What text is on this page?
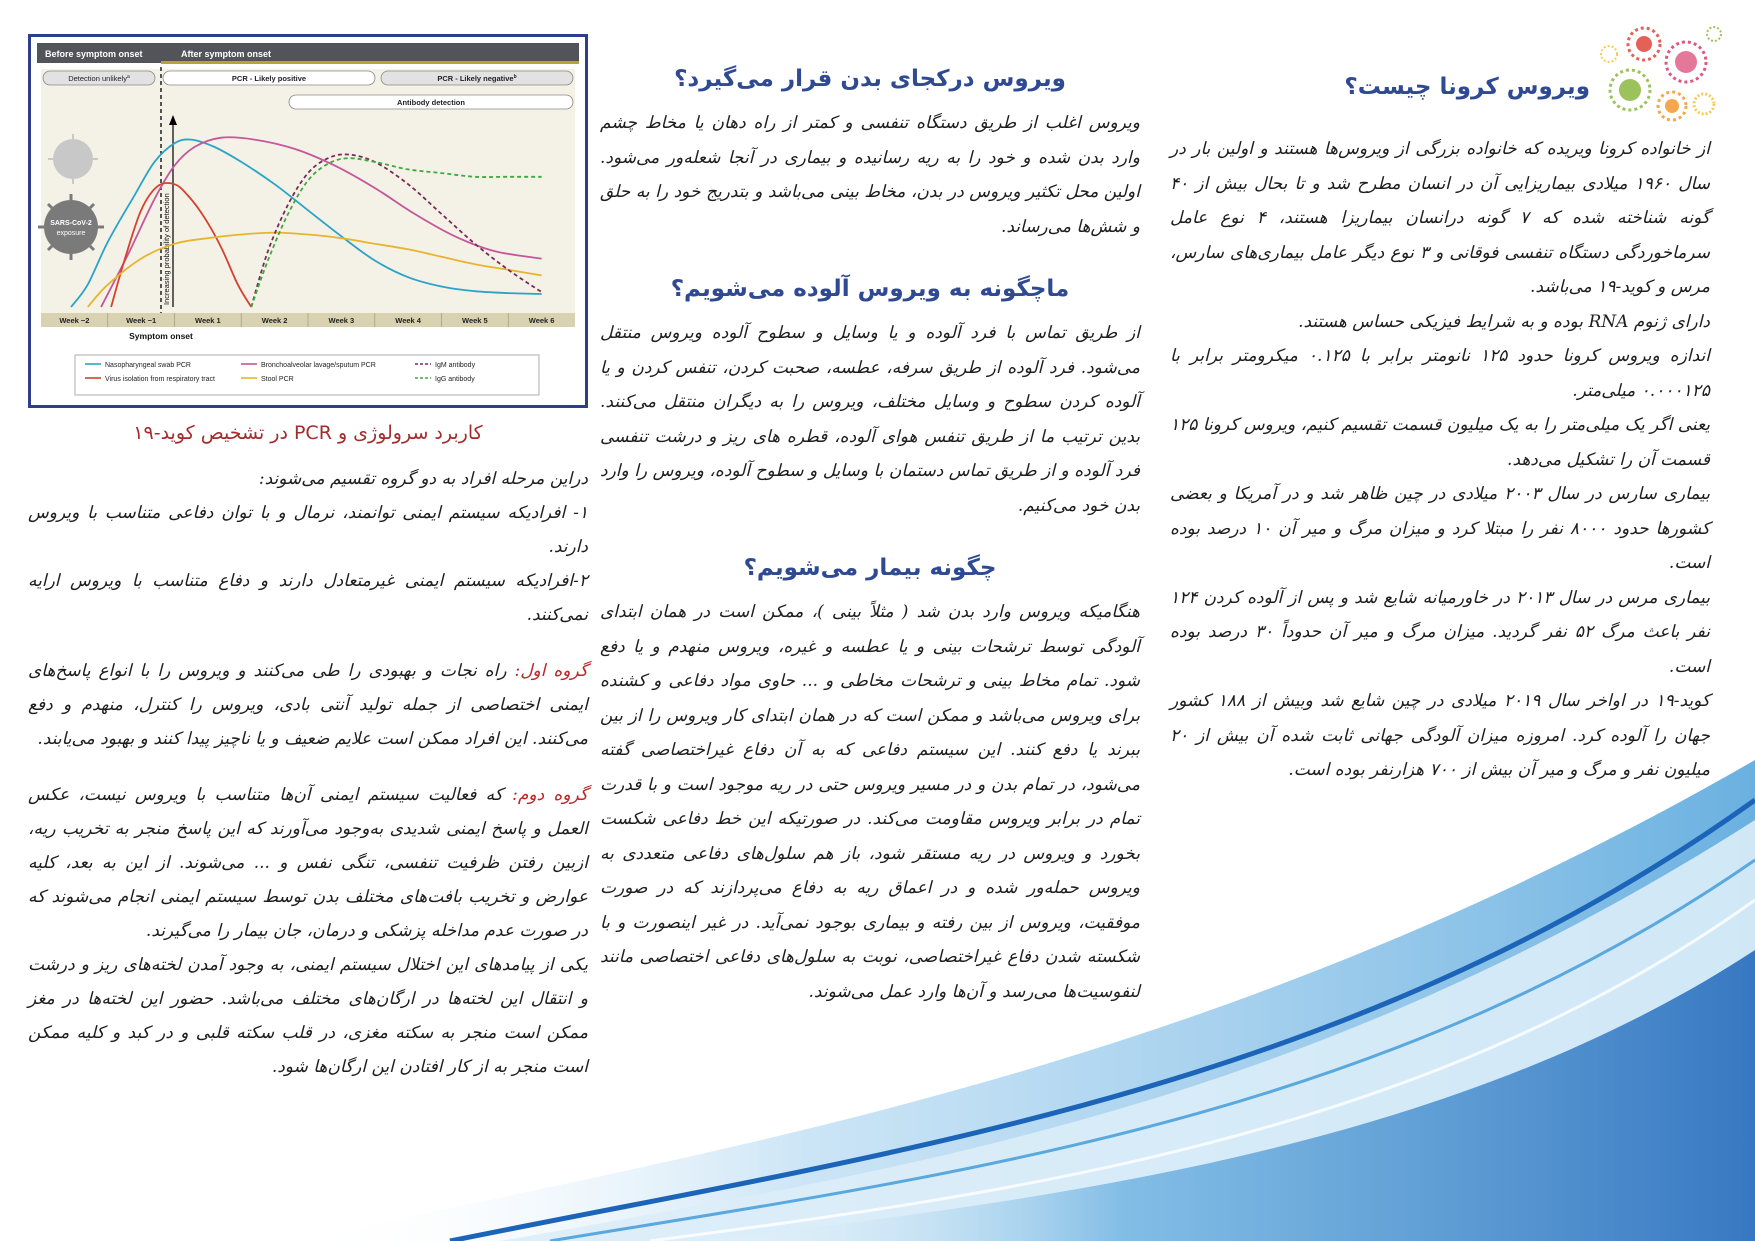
ویروس کرونا چیست؟

از خانواده کرونا ویریده که خانواده بزرگی از ویروس‌ها هستند و اولین بار در سال ۱۹۶۰ میلادی بیماریزایی آن در انسان مطرح شد و تا بحال بیش از ۴۰ گونه شناخته شده که ۷ گونه درانسان بیماریزا هستند، ۴ نوع عامل سرماخوردگی دستگاه تنفسی فوقانی و ۳ نوع دیگر عامل بیماری‌های سارس، مرس و کوید-۱۹ می‌باشد.

دارای ژنوم RNA بوده و به شرایط فیزیکی حساس هستند.

اندازه ویروس کرونا حدود ۱۲۵ نانومتر برابر با ۰.۱۲۵ میکرومتر برابر با ۰.۰۰۰۱۲۵ میلی‌متر.

یعنی اگر یک میلی‌متر را به یک میلیون قسمت تقسیم کنیم، ویروس کرونا ۱۲۵ قسمت آن را تشکیل می‌دهد.

بیماری سارس در سال ۲۰۰۳ میلادی در چین ظاهر شد و در آمریکا و بعضی کشورها حدود ۸۰۰۰ نفر را مبتلا کرد و میزان مرگ و میر آن ۱۰ درصد بوده است.

بیماری مرس در سال ۲۰۱۳ در خاورمیانه شایع شد و پس از آلوده کردن ۱۲۴ نفر باعث مرگ ۵۲ نفر گردید. میزان مرگ و میر آن حدوداً ۳۰ درصد بوده است.

کوید-۱۹ در اواخر سال ۲۰۱۹ میلادی در چین شایع شد وبیش از ۱۸۸ کشور جهان را آلوده کرد. امروزه میزان آلودگی جهانی ثابت شده آن بیش از ۲۰ میلیون نفر و مرگ و میر آن بیش از ۷۰۰ هزارنفر بوده است.

ویروس درکجای بدن قرار می‌گیرد؟

ویروس اغلب از طریق دستگاه تنفسی و کمتر از راه دهان یا مخاط چشم وارد بدن شده و خود را به ریه رسانیده و بیماری در آنجا شعله‌ور می‌شود. اولین محل تکثیر ویروس در بدن، مخاط بینی می‌باشد و بتدریج خود را به حلق و شش‌ها می‌رساند.

ماچگونه به ویروس آلوده می‌شویم؟

از طریق تماس با فرد آلوده و یا وسایل و سطوح آلوده ویروس منتقل می‌شود. فرد آلوده از طریق سرفه، عطسه، صحبت کردن، تنفس کردن و یا آلوده کردن سطوح و وسایل مختلف، ویروس را به دیگران منتقل می‌کنند. بدین ترتیب ما از طریق تنفس هوای آلوده، قطره های ریز و درشت تنفسی فرد آلوده و از طریق تماس دستمان با وسایل و سطوح آلوده، ویروس را وارد بدن خود می‌کنیم.

چگونه بیمار می‌شویم؟

هنگامیکه ویروس وارد بدن شد ( مثلاً بینی )، ممکن است در همان ابتدای آلودگی توسط ترشحات بینی و یا عطسه و غیره، ویروس منهدم و یا دفع شود. تمام مخاط بینی و ترشحات مخاطی و ... حاوی مواد دفاعی و کشنده برای ویروس می‌باشد و ممکن است که در همان ابتدای کار ویروس را از بین ببرند یا دفع کنند. این سیستم دفاعی که به آن دفاع غیراختصاصی گفته می‌شود، در تمام بدن و در مسیر ویروس حتی در ریه موجود است و با قدرت تمام در برابر ویروس مقاومت می‌کند. در صورتیکه این خط دفاعی شکست بخورد و ویروس در ریه مستقر شود، باز هم سلول‌های دفاعی متعددی به ویروس حمله‌ور شده و در اعماق ریه به دفاع می‌پردازند که در صورت موفقیت، ویروس از بین رفته و بیماری بوجود نمی‌آید. در غیر اینصورت و با شکسته شدن دفاع غیراختصاصی، نوبت به سلول‌های دفاعی اختصاصی مانند لنفوسیت‌ها می‌رسد و آن‌ها وارد عمل می‌شوند.

Before symptom onset	After symptom onset
Detection unlikely$^a$	PCR - Likely positive	PCR - Likely negative$^b$
Antibody detection
SARS-CoV-2
exposure	Increasing probability of detection
Week −2	Week −1	Week 1	Week 2	Week 3	Week 4	Week 5	Week 6
Symptom onset
Nasopharyngeal swab PCR
Virus isolation from respiratory tract
Bronchoalveolar lavage/sputum PCR
Stool PCR
IgM antibody
IgG antibody
کاربرد سرولوژی و PCR در تشخیص کوید-۱۹

دراین مرحله افراد به دو گروه تقسیم می‌شوند:

۱- افرادیکه سیستم ایمنی توانمند، نرمال و با توان دفاعی متناسب با ویروس دارند.

۲-افرادیکه سیستم ایمنی غیرمتعادل دارند و دفاع متناسب با ویروس ارایه نمی‌کنند.

گروه اول: راه نجات و بهبودی را طی می‌کنند و ویروس را با انواع پاسخ‌های ایمنی اختصاصی از جمله تولید آنتی بادی، ویروس را کنترل، منهدم و دفع می‌کنند. این افراد ممکن است علایم ضعیف و یا ناچیز پیدا کنند و بهبود می‌یابند.

گروه دوم: که فعالیت سیستم ایمنی آن‌ها متناسب با ویروس نیست، عکس العمل و پاسخ ایمنی شدیدی به‌وجود می‌آورند که این پاسخ منجر به تخریب ریه، ازبین رفتن ظرفیت تنفسی، تنگی نفس و ... می‌شوند. از این به بعد، کلیه عوارض و تخریب بافت‌های مختلف بدن توسط سیستم ایمنی انجام می‌شوند که در صورت عدم مداخله پزشکی و درمان، جان بیمار را می‌گیرند.

یکی از پیامدهای این اختلال سیستم ایمنی، به وجود آمدن لخته‌های ریز و درشت و انتقال این لخته‌ها در ارگان‌های مختلف می‌باشد. حضور این لخته‌ها در مغز ممکن است منجر به سکته مغزی، در قلب سکته قلبی و در کبد و کلیه ممکن است منجر به از کار افتادن این ارگان‌ها شود.
